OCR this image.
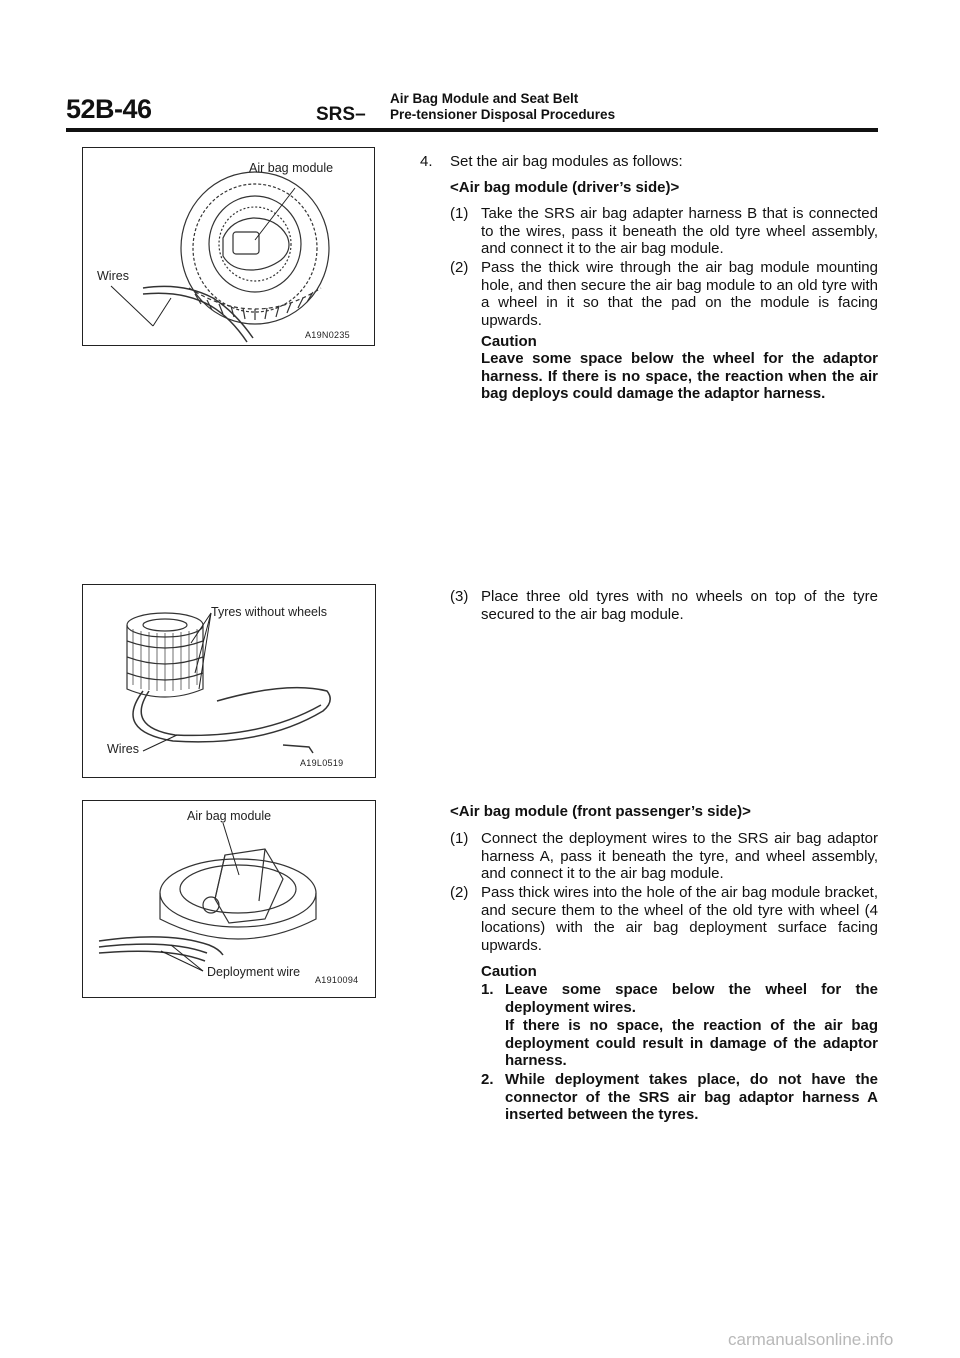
52B-46	SRS–
Air Bag Module and Seat Belt
Pre-tensioner Disposal Procedures
Air bag module
Wires
A19N0235
Tyres without wheels
Wires
A19L0519
Air bag module
Deployment wire
A1910094
4. Set the air bag modules as follows:
<Air bag module (driver’s side)>
(1) Take the SRS air bag adapter harness B that is connected to the wires, pass it beneath the old tyre wheel assembly, and connect it to the air bag module.
(2) Pass the thick wire through the air bag module mounting hole, and then secure the air bag module to an old tyre with a wheel in it so that the pad on the module is facing upwards.
Caution
Leave some space below the wheel for the adaptor harness. If there is no space, the reaction when the air bag deploys could damage the adaptor harness.
(3) Place three old tyres with no wheels on top of the tyre secured to the air bag module.
<Air bag module (front passenger’s side)>
(1) Connect the deployment wires to the SRS air bag adaptor harness A, pass it beneath the tyre, and wheel assembly, and connect it to the air bag module.
(2) Pass thick wires into the hole of the air bag module bracket, and secure them to the wheel of the old tyre with wheel (4 locations) with the air bag deployment surface facing upwards.
Caution
1. Leave some space below the wheel for the deployment wires.
If there is no space, the reaction of the air bag deployment could result in damage of the adaptor harness.
2. While deployment takes place, do not have the connector of the SRS air bag adaptor harness A inserted between the tyres.
carmanualsonline.info
